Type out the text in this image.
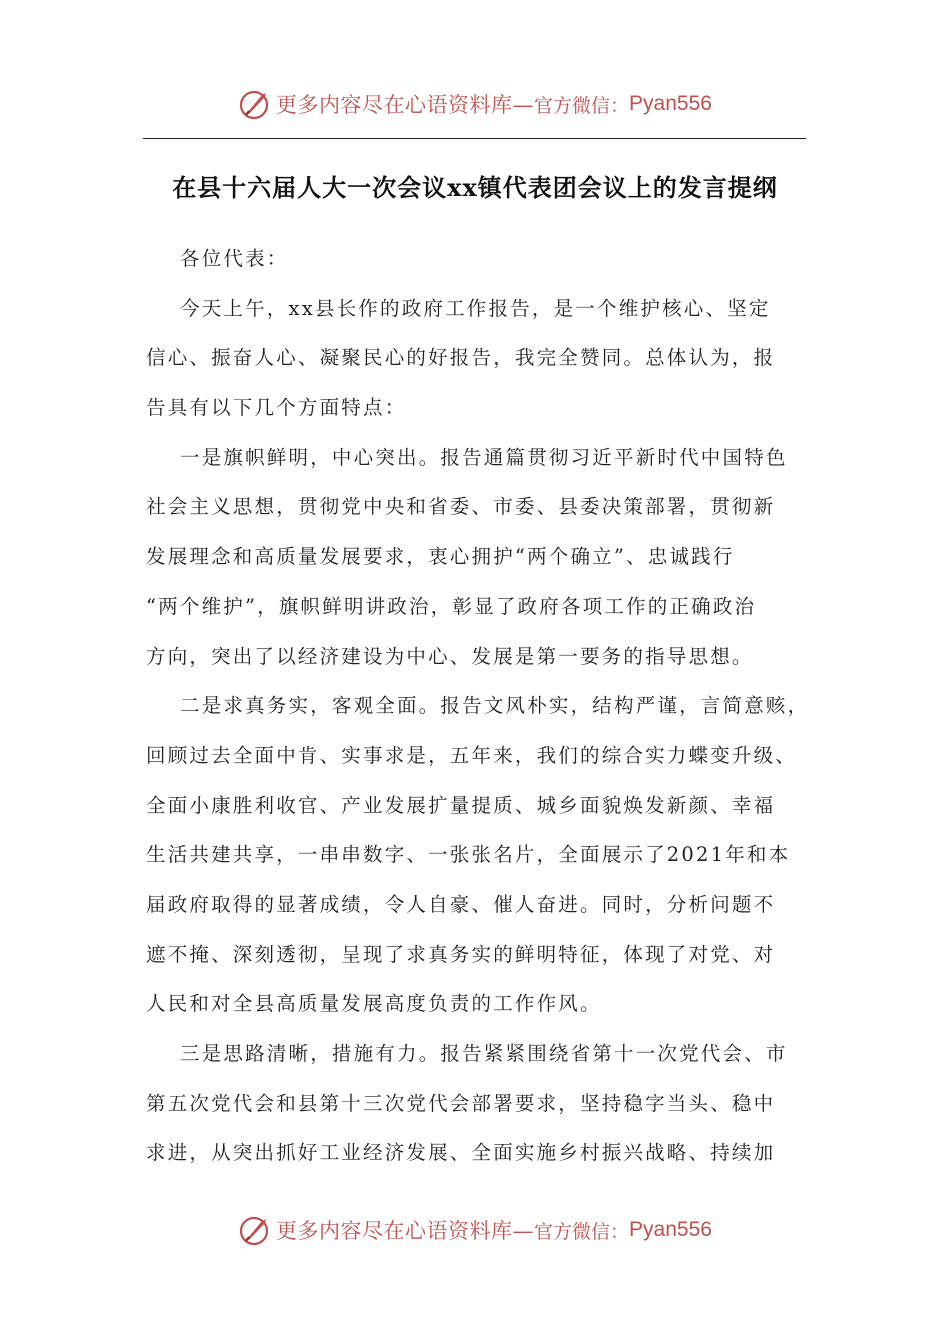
更多内容尽在心语资料库— 官方微信： Pyan556
在县十六届人大一次会议xx镇代表团会议上的发言提纲
各位代表：
今天上午，xx县长作的政府工作报告，是一个维护核心、坚定
信心、振奋人心、凝聚民心的好报告，我完全赞同。总体认为，报
告具有以下几个方面特点：
一是旗帜鲜明，中心突出。报告通篇贯彻习近平新时代中国特色
社会主义思想，贯彻党中央和省委、市委、县委决策部署，贯彻新
发展理念和高质量发展要求，衷心拥护“两个确立”、忠诚践行
“两个维护”，旗帜鲜明讲政治，彰显了政府各项工作的正确政治
方向，突出了以经济建设为中心、发展是第一要务的指导思想。
二是求真务实，客观全面。报告文风朴实，结构严谨，言简意赅，
回顾过去全面中肯、实事求是，五年来，我们的综合实力蝶变升级、
全面小康胜利收官、产业发展扩量提质、城乡面貌焕发新颜、幸福
生活共建共享，一串串数字、一张张名片，全面展示了2021年和本
届政府取得的显著成绩，令人自豪、催人奋进。同时，分析问题不
遮不掩、深刻透彻，呈现了求真务实的鲜明特征，体现了对党、对
人民和对全县高质量发展高度负责的工作作风。
三是思路清晰，措施有力。报告紧紧围绕省第十一次党代会、市
第五次党代会和县第十三次党代会部署要求，坚持稳字当头、稳中
求进，从突出抓好工业经济发展、全面实施乡村振兴战略、持续加
更多内容尽在心语资料库— 官方微信： Pyan556
